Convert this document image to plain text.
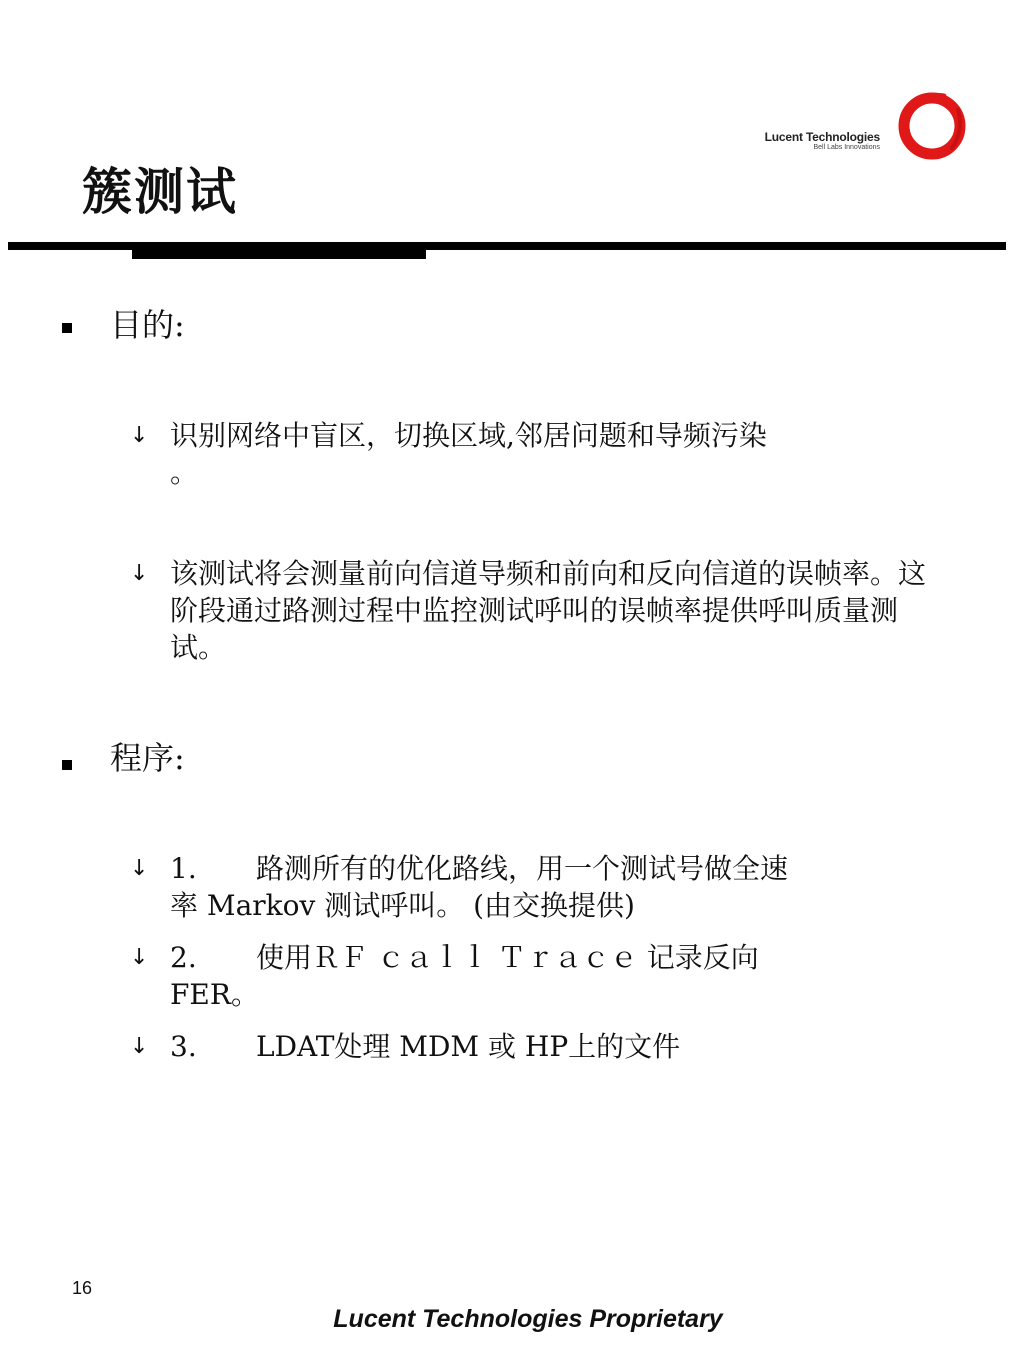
Lucent Technologies
Bell Labs Innovations
簇测试
目的:
↓ 识别网络中盲区，切换区域,邻居问题和导频污染
。
↓ 该测试将会测量前向信道导频和前向和反向信道的误帧率。这阶段通过路测过程中监控测试呼叫的误帧率提供呼叫质量测试。
程序:
↓ 1. 路测所有的优化路线，用一个测试号做全速
率 Markov 测试呼叫。 (由交换提供)
↓ 2. 使用ＲＦ ｃａｌｌ Ｔｒａｃｅ 记录反向
FER。
↓ 3. LDAT处理 MDM 或 HP上的文件
16
Lucent Technologies Proprietary
